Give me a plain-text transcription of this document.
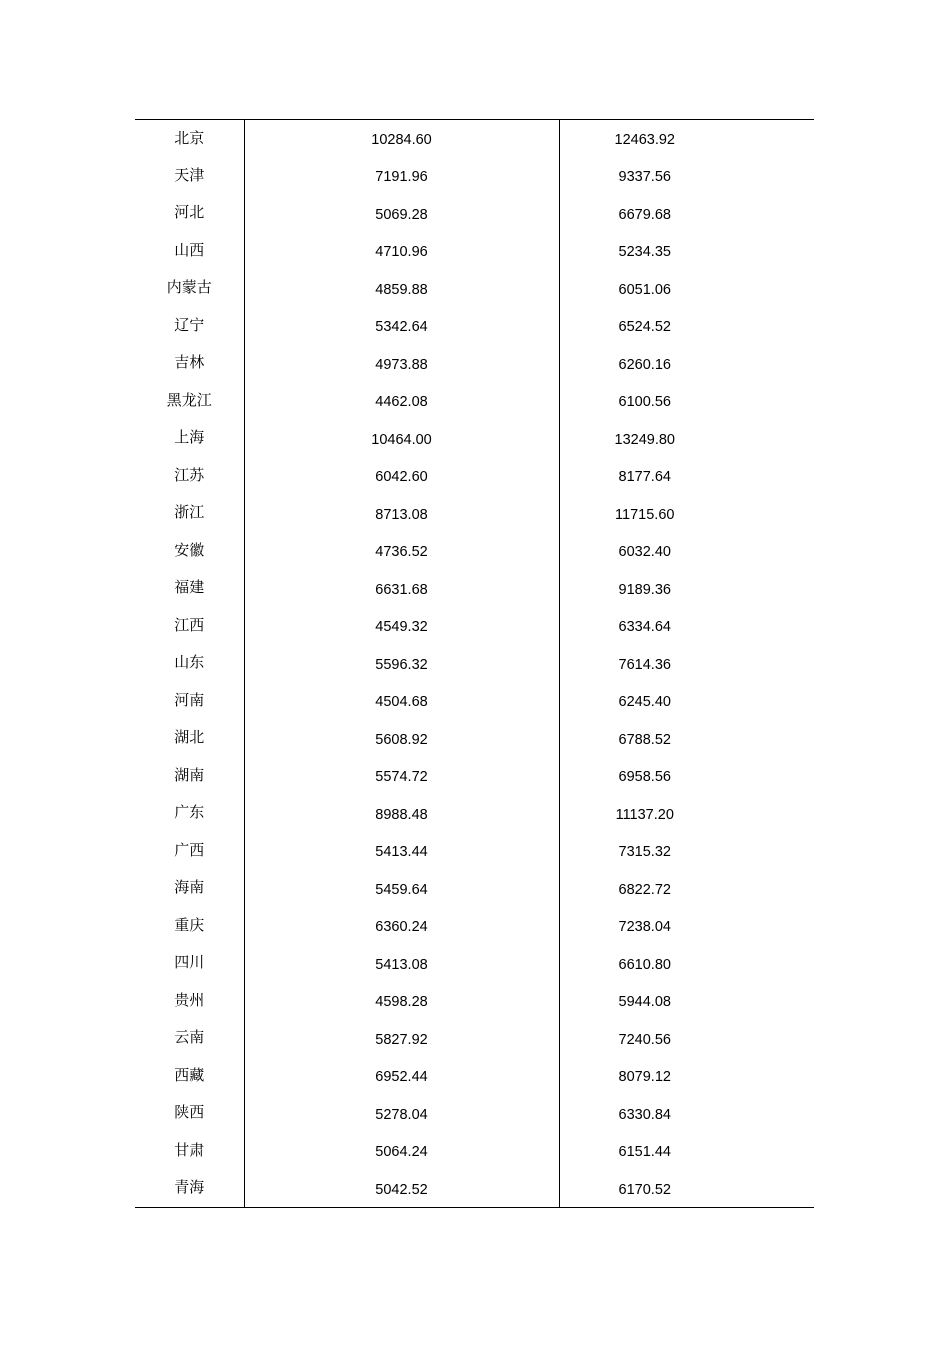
北京	10284.60	12463.92
天津	7191.96	9337.56
河北	5069.28	6679.68
山西	4710.96	5234.35
内蒙古	4859.88	6051.06
辽宁	5342.64	6524.52
吉林	4973.88	6260.16
黑龙江	4462.08	6100.56
上海	10464.00	13249.80
江苏	6042.60	8177.64
浙江	8713.08	11715.60
安徽	4736.52	6032.40
福建	6631.68	9189.36
江西	4549.32	6334.64
山东	5596.32	7614.36
河南	4504.68	6245.40
湖北	5608.92	6788.52
湖南	5574.72	6958.56
广东	8988.48	11137.20
广西	5413.44	7315.32
海南	5459.64	6822.72
重庆	6360.24	7238.04
四川	5413.08	6610.80
贵州	4598.28	5944.08
云南	5827.92	7240.56
西藏	6952.44	8079.12
陕西	5278.04	6330.84
甘肃	5064.24	6151.44
青海	5042.52	6170.52
